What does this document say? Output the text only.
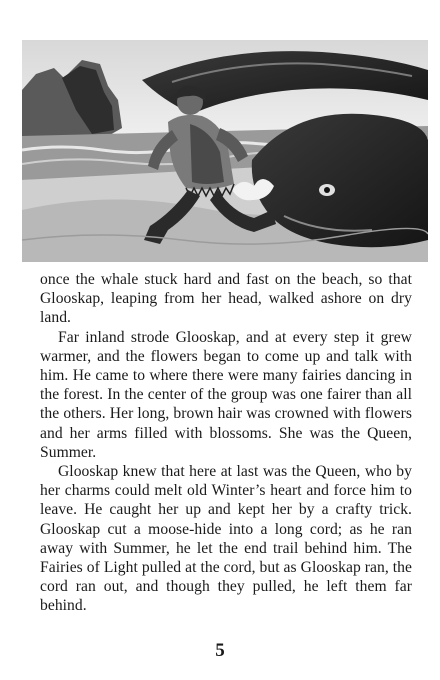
once the whale stuck hard and fast on the beach, so that Glooskap, leaping from her head, walked ashore on dry land.

Far inland strode Glooskap, and at every step it grew warmer, and the flowers began to come up and talk with him. He came to where there were many fairies dancing in the forest. In the center of the group was one fairer than all the others. Her long, brown hair was crowned with flowers and her arms filled with blossoms. She was the Queen, Summer.

Glooskap knew that here at last was the Queen, who by her charms could melt old Winter’s heart and force him to leave. He caught her up and kept her by a crafty trick. Glooskap cut a moose-hide into a long cord; as he ran away with Summer, he let the end trail behind him. The Fairies of Light pulled at the cord, but as Glooskap ran, the cord ran out, and though they pulled, he left them far behind.

5
